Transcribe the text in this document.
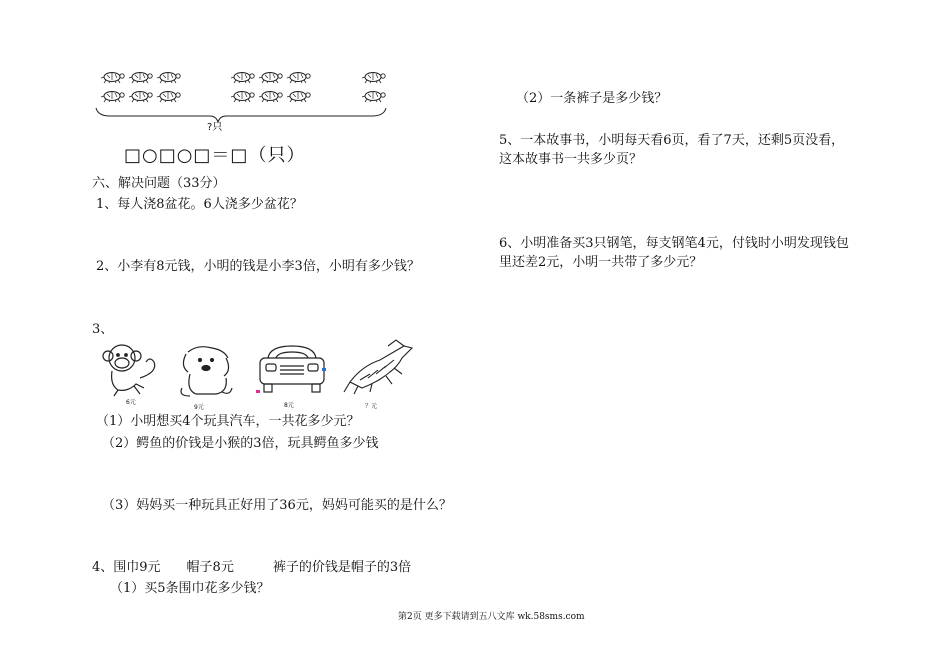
?只
□○□○□＝□（只）
六、解决问题（33分）
1、每人浇8盆花。6人浇多少盆花？
2、小李有8元钱，小明的钱是小李3倍，小明有多少钱？
3、
6元
9元	8元	？元
（1）小明想买4个玩具汽车，一共花多少元？
（2）鳄鱼的价钱是小猴的3倍，玩具鳄鱼多少钱
（3）妈妈买一种玩具正好用了36元，妈妈可能买的是什么？
4、围巾9元　　帽子8元　　　裤子的价钱是帽子的3倍
（1）买5条围巾花多少钱？
（2）一条裤子是多少钱？
5、一本故事书，小明每天看6页，看了7天，还剩5页没看，
这本故事书一共多少页？
6、小明准备买3只钢笔，每支钢笔4元，付钱时小明发现钱包
里还差2元，小明一共带了多少元？
第2页 更多下载请到五八文库 wk.58sms.com
